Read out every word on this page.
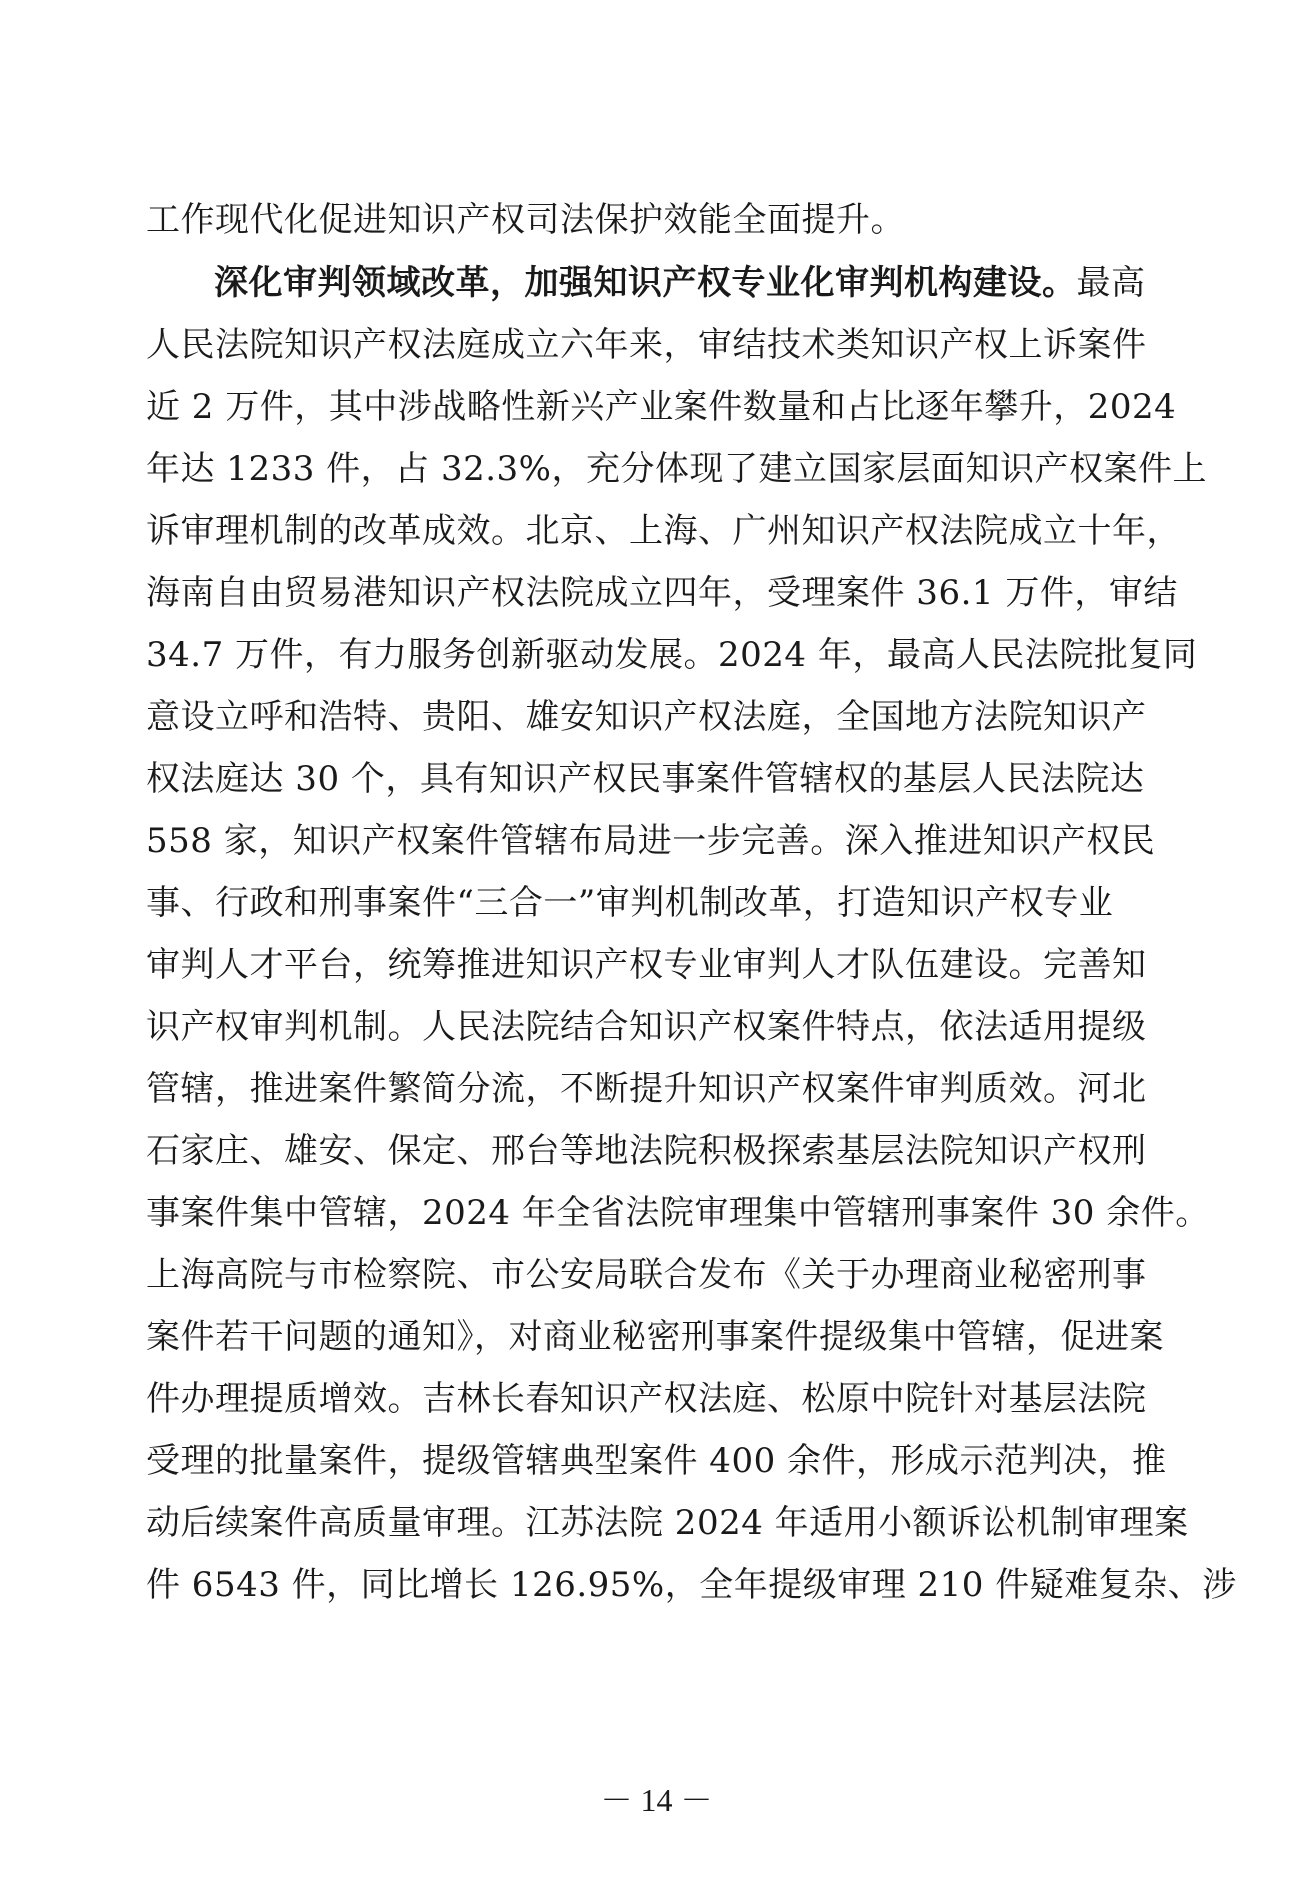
工作现代化促进知识产权司法保护效能全面提升。
深化审判领域改革，加强知识产权专业化审判机构建设。最高
人民法院知识产权法庭成立六年来，审结技术类知识产权上诉案件
近 2 万件，其中涉战略性新兴产业案件数量和占比逐年攀升，2024
年达 1233 件，占 32.3%，充分体现了建立国家层面知识产权案件上
诉审理机制的改革成效。北京、上海、广州知识产权法院成立十年，
海南自由贸易港知识产权法院成立四年，受理案件 36.1 万件，审结
34.7 万件，有力服务创新驱动发展。2024 年，最高人民法院批复同
意设立呼和浩特、贵阳、雄安知识产权法庭，全国地方法院知识产
权法庭达 30 个，具有知识产权民事案件管辖权的基层人民法院达
558 家，知识产权案件管辖布局进一步完善。深入推进知识产权民
事、行政和刑事案件“三合一”审判机制改革，打造知识产权专业
审判人才平台，统筹推进知识产权专业审判人才队伍建设。完善知
识产权审判机制。人民法院结合知识产权案件特点，依法适用提级
管辖，推进案件繁简分流，不断提升知识产权案件审判质效。河北
石家庄、雄安、保定、邢台等地法院积极探索基层法院知识产权刑
事案件集中管辖，2024 年全省法院审理集中管辖刑事案件 30 余件。
上海高院与市检察院、市公安局联合发布《关于办理商业秘密刑事
案件若干问题的通知》，对商业秘密刑事案件提级集中管辖，促进案
件办理提质增效。吉林长春知识产权法庭、松原中院针对基层法院
受理的批量案件，提级管辖典型案件 400 余件，形成示范判决，推
动后续案件高质量审理。江苏法院 2024 年适用小额诉讼机制审理案
件 6543 件，同比增长 126.95%，全年提级审理 210 件疑难复杂、涉
－ 14 －
